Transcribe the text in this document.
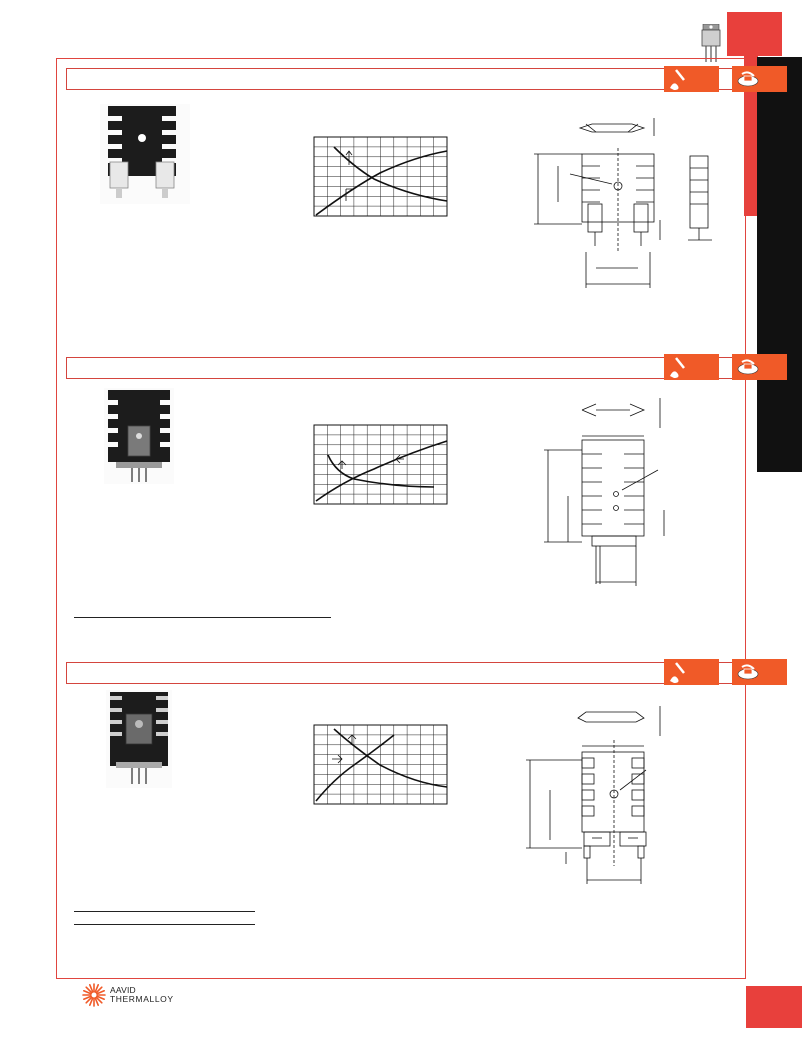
AAVID
THERMALLOY
